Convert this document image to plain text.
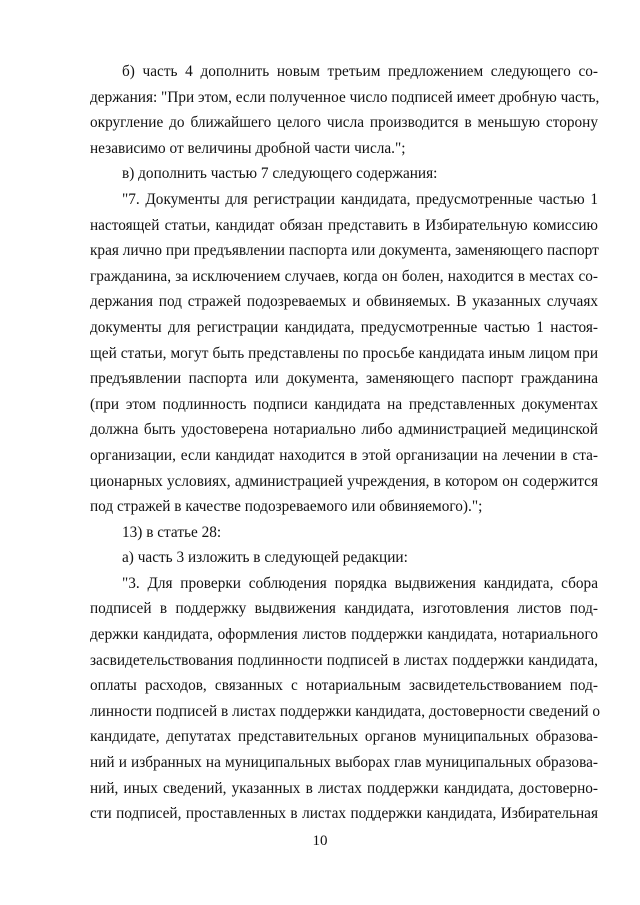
б) часть 4 дополнить новым третьим предложением следующего со-
держания: "При этом, если полученное число подписей имеет дробную часть,
округление до ближайшего целого числа производится в меньшую сторону
независимо от величины дробной части числа.";
в) дополнить частью 7 следующего содержания:
"7. Документы для регистрации кандидата, предусмотренные частью 1
настоящей статьи, кандидат обязан представить в Избирательную комиссию
края лично при предъявлении паспорта или документа, заменяющего паспорт
гражданина, за исключением случаев, когда он болен, находится в местах со-
держания под стражей подозреваемых и обвиняемых. В указанных случаях
документы для регистрации кандидата, предусмотренные частью 1 настоя-
щей статьи, могут быть представлены по просьбе кандидата иным лицом при
предъявлении паспорта или документа, заменяющего паспорт гражданина
(при этом подлинность подписи кандидата на представленных документах
должна быть удостоверена нотариально либо администрацией медицинской
организации, если кандидат находится в этой организации на лечении в ста-
ционарных условиях, администрацией учреждения, в котором он содержится
под стражей в качестве подозреваемого или обвиняемого).";
13) в статье 28:
а) часть 3 изложить в следующей редакции:
"3. Для проверки соблюдения порядка выдвижения кандидата, сбора
подписей в поддержку выдвижения кандидата, изготовления листов под-
держки кандидата, оформления листов поддержки кандидата, нотариального
засвидетельствования подлинности подписей в листах поддержки кандидата,
оплаты расходов, связанных с нотариальным засвидетельствованием под-
линности подписей в листах поддержки кандидата, достоверности сведений о
кандидате, депутатах представительных органов муниципальных образова-
ний и избранных на муниципальных выборах глав муниципальных образова-
ний, иных сведений, указанных в листах поддержки кандидата, достоверно-
сти подписей, проставленных в листах поддержки кандидата, Избирательная
10
